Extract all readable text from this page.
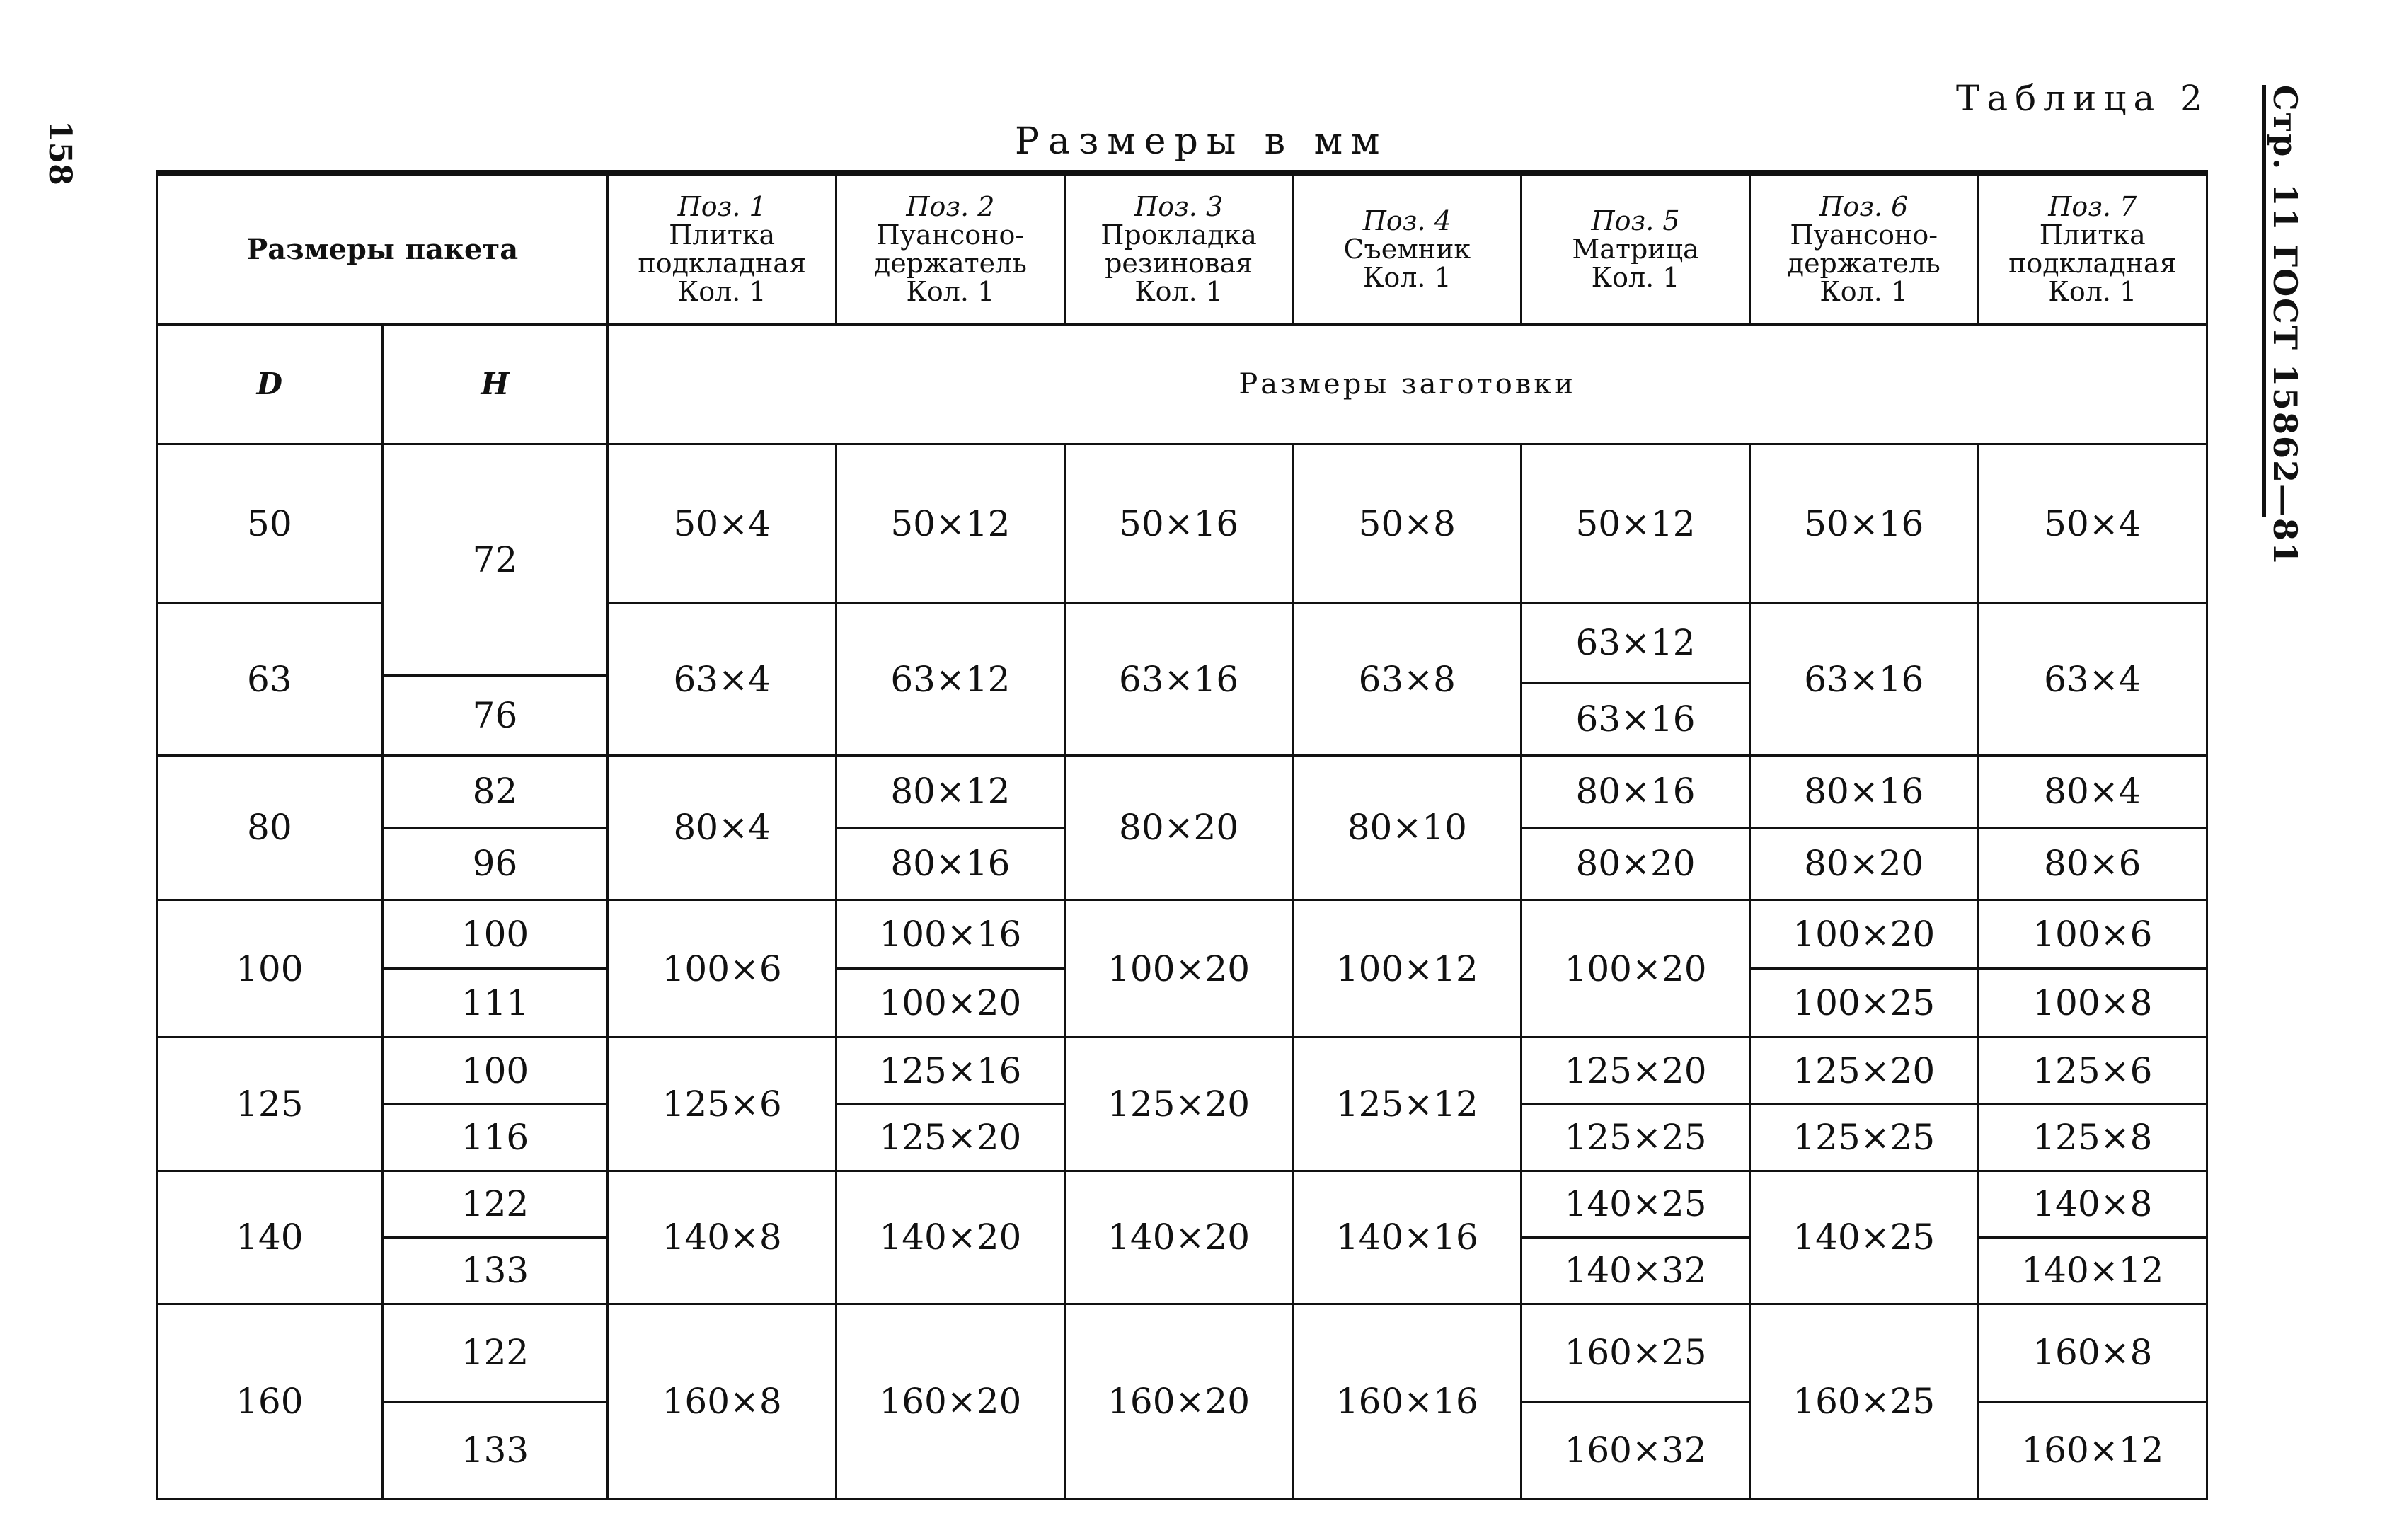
158
Таблица 2
Размеры в мм	Стр. 11 ГОСТ 15862—81
Размеры пакета		Поз. 1
Плитка подкладная
Кол. 1	Поз. 2
Пуансоно-держатель
Кол. 1	Поз. 3
Прокладка резиновая
Кол. 1	Поз. 4
Съемник
Кол. 1	Поз. 5
Матрица
Кол. 1	Поз. 6
Пуансоно-держатель
Кол. 1	Поз. 7
Плитка подкладная
Кол. 1
D	H	Размеры заготовки						
50	72	50×4	50×12	50×16	50×8	50×12	50×16	50×4

63		63×4	63×12	63×16	63×8	63×12	63×16	63×4
	76							
						63×16		
80	82	80×4	80×12	80×20	80×10	80×16	80×16	80×4
	96		80×16			80×20	80×20	80×6
100	100	100×6	100×16	100×20	100×12	100×20	100×20	100×6
	111		100×20				100×25	100×8
125	100	125×6	125×16	125×20	125×12	125×20	125×20	125×6
	116		125×20			125×25	125×25	125×8
140	122	140×8	140×20	140×20	140×16	140×25	140×25	140×8
	133					140×32		140×12
160	122	160×8	160×20	160×20	160×16	160×25	160×25	160×8
	133					160×32		160×12
